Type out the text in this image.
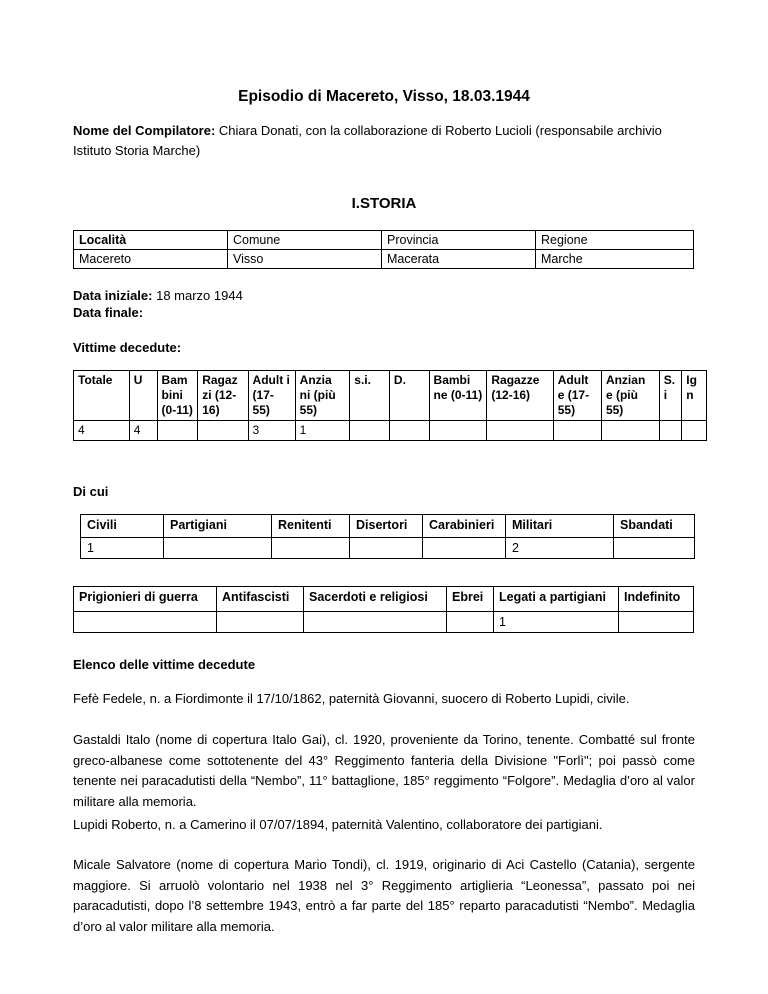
Episodio di Macereto, Visso, 18.03.1944
Nome del Compilatore: Chiara Donati, con la collaborazione di Roberto Lucioli (responsabile archivio Istituto Storia Marche)
I.STORIA
Località	Comune	Provincia	Regione
Macereto	Visso	Macerata	Marche
Data iniziale: 18 marzo 1944
Data finale:
Vittime decedute:
Totale	U	Bam bini (0-11)	Ragaz zi (12-16)	Adult i (17-55)	Anzia ni (più 55)	s.i.	D.	Bambi ne (0-11)	Ragazze (12-16)	Adult e (17-55)	Anzian e (più 55)	S. i	Ig n
4	4			3	1								
Di cui
Civili	Partigiani	Renitenti	Disertori	Carabinieri	Militari	Sbandati
1					2	
Prigionieri di guerra	Antifascisti	Sacerdoti e religiosi	Ebrei	Legati a partigiani	Indefinito
				1	
Elenco delle vittime decedute
Fefè Fedele, n. a Fiordimonte il 17/10/1862, paternità Giovanni, suocero di Roberto Lupidi, civile.
Gastaldi Italo (nome di copertura Italo Gai), cl. 1920, proveniente da Torino, tenente. Combatté sul fronte greco-albanese come sottotenente del 43° Reggimento fanteria della Divisione "Forlì"; poi passò come tenente nei paracadutisti della “Nembo”, 11° battaglione, 185° reggimento “Folgore”. Medaglia d’oro al valor militare alla memoria.
Lupidi Roberto, n. a Camerino il 07/07/1894, paternità Valentino, collaboratore dei partigiani.
Micale Salvatore (nome di copertura Mario Tondi), cl. 1919, originario di Aci Castello (Catania), sergente maggiore. Si arruolò volontario nel 1938 nel 3° Reggimento artiglieria “Leonessa”, passato poi nei paracadutisti, dopo l’8 settembre 1943, entrò a far parte del 185° reparto paracadutisti “Nembo”. Medaglia d’oro al valor militare alla memoria.
